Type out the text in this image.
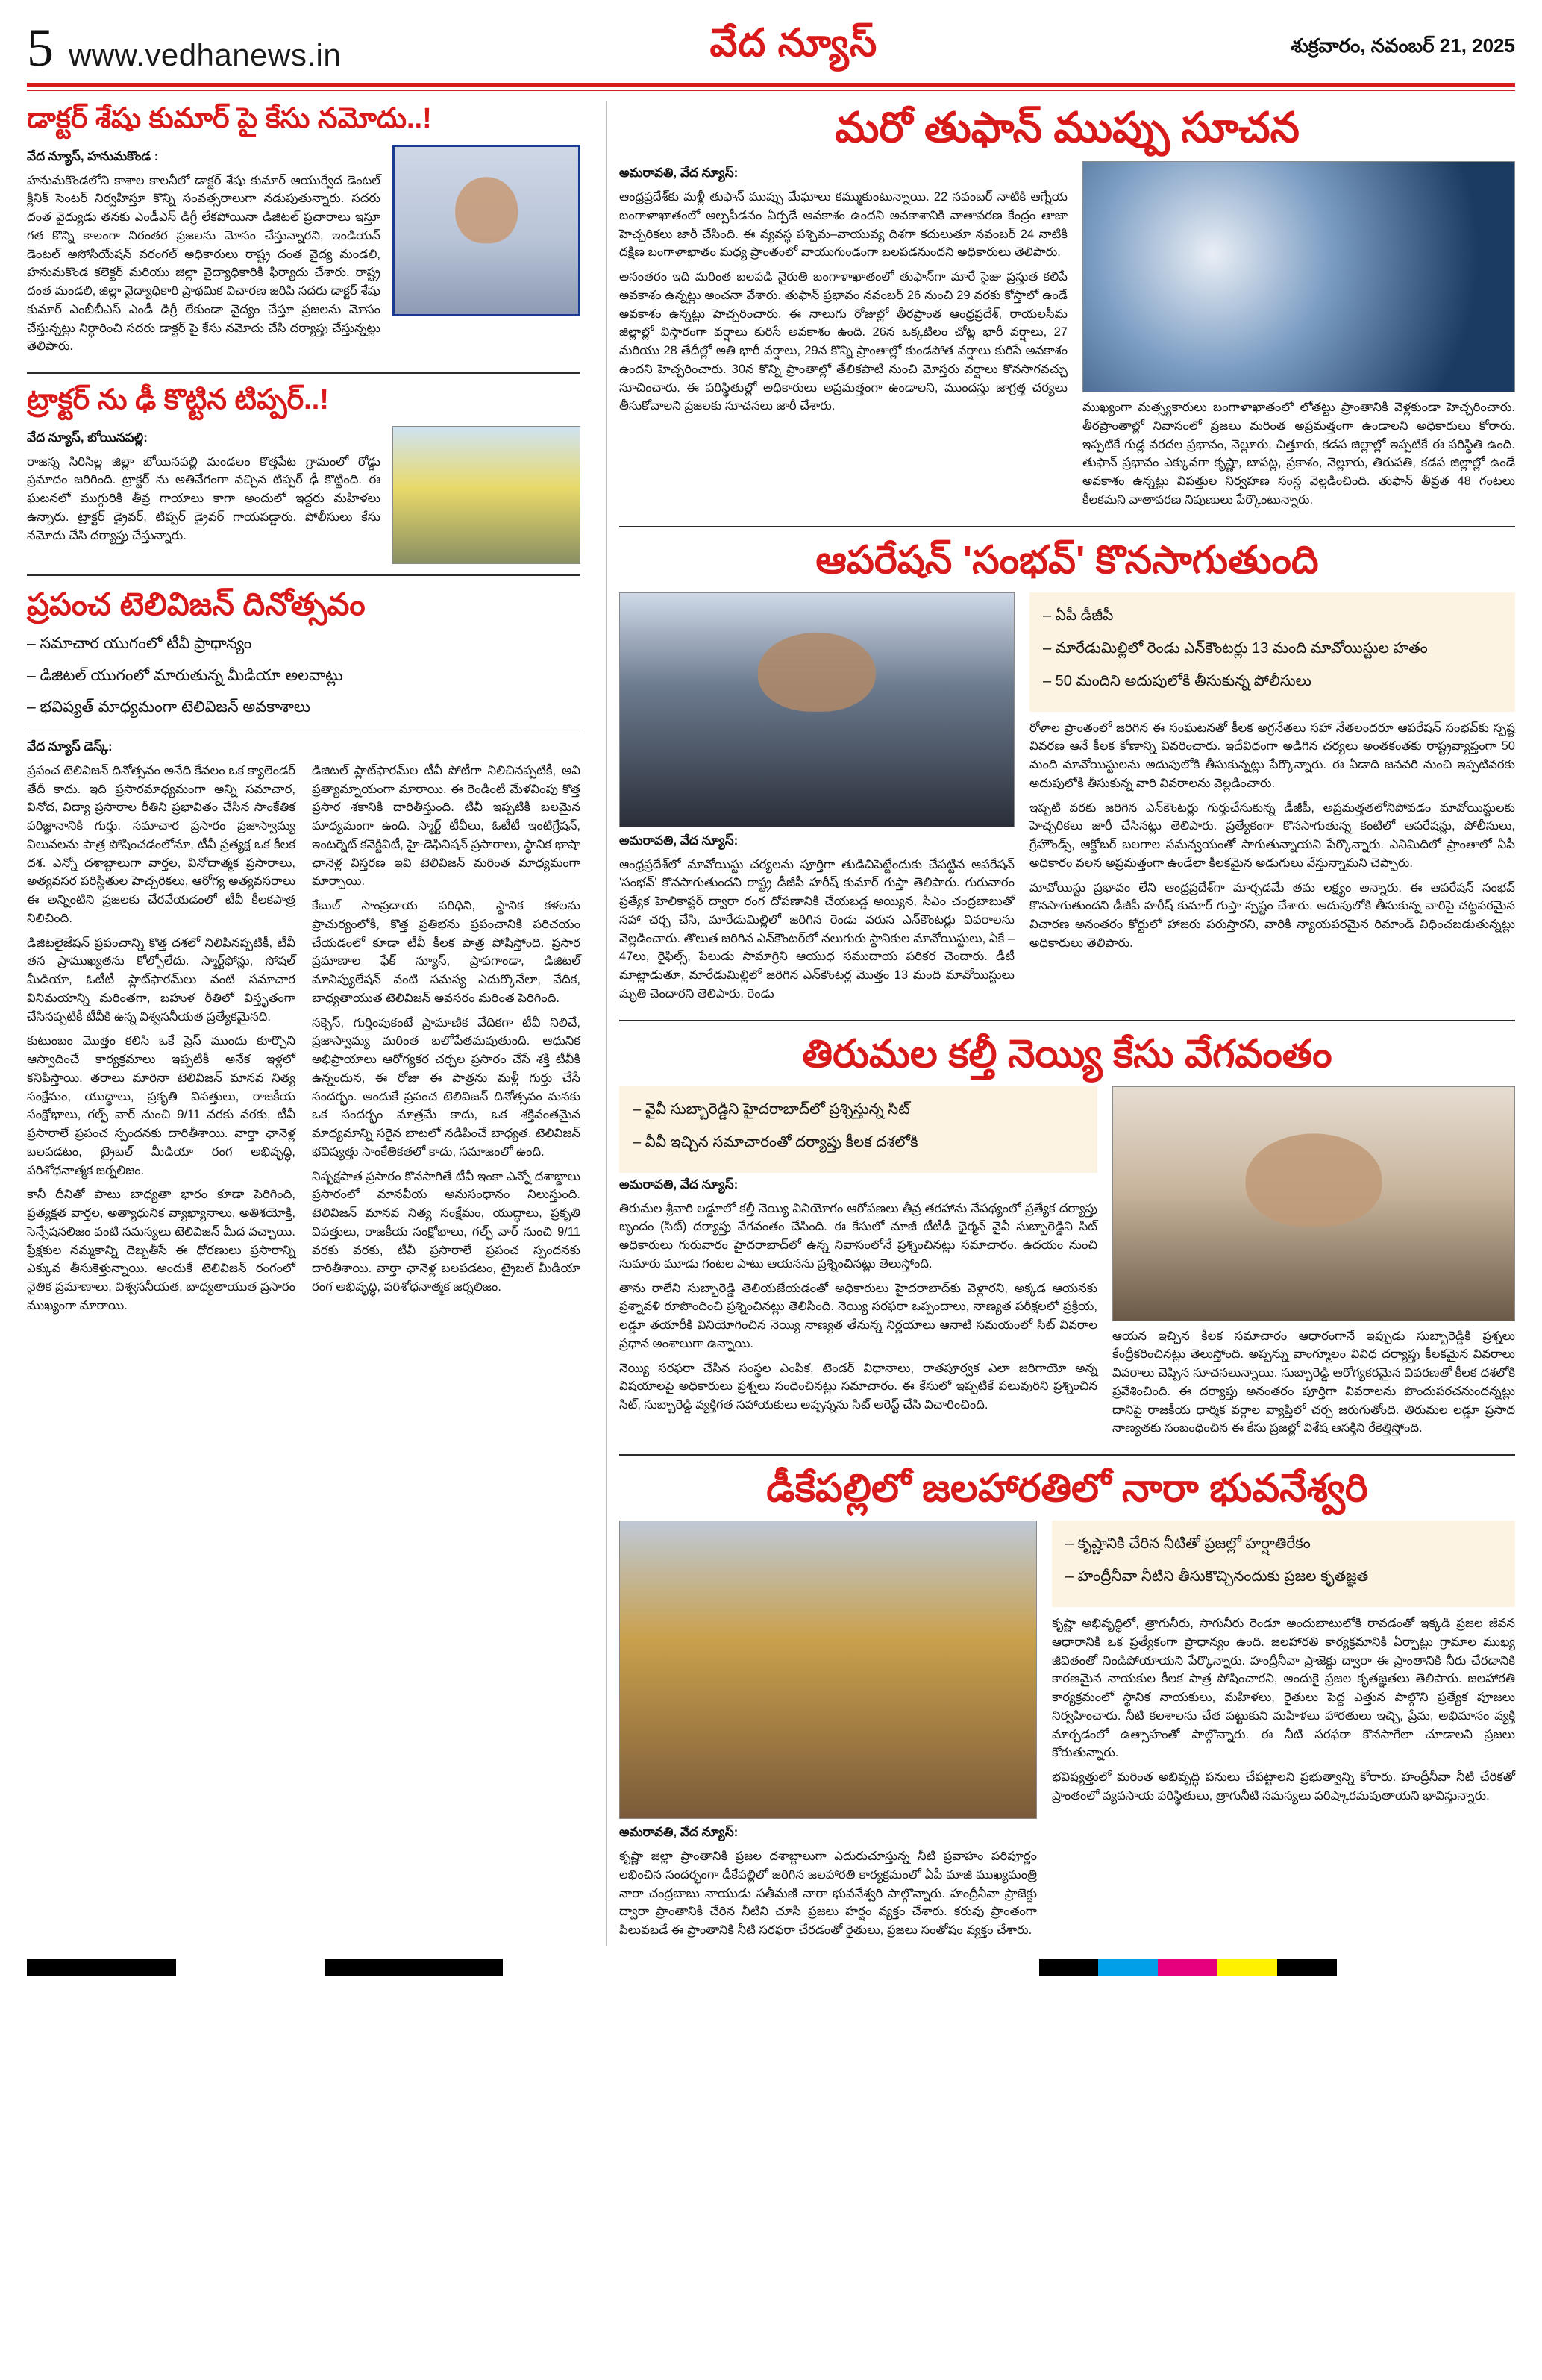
5 www.vedhanews.in	వేద న్యూస్	శుక్రవారం, నవంబర్ 21, 2025
డాక్టర్ శేషు కుమార్ పై కేసు నమోదు..!
వేద న్యూస్, హనుమకొండ :

హనుమకొండలోని కాశాల కాలనీలో డాక్టర్ శేషు కుమార్ ఆయుర్వేద డెంటల్ క్లినిక్ సెంటర్ నిర్వహిస్తూ కొన్ని సంవత్సరాలుగా నడుపుతున్నారు. సదరు దంత వైద్యుడు తనకు ఎండీఎస్ డిగ్రీ లేకపోయినా డిజిటల్ ప్రచారాలు ఇస్తూ గత కొన్ని కాలంగా నిరంతర ప్రజలను మోసం చేస్తున్నారని, ఇండియన్ డెంటల్ అసోసియేషన్ వరంగల్ అధికారులు రాష్ట్ర దంత వైద్య మండలి, హనుమకొండ కలెక్టర్ మరియు జిల్లా వైద్యాధికారికి ఫిర్యాదు చేశారు. రాష్ట్ర దంత మండలి, జిల్లా వైద్యాధికారి ప్రాథమిక విచారణ జరిపి సదరు డాక్టర్ శేషు కుమార్ ఎంబీబీఎస్ ఎండీ డిగ్రీ లేకుండా వైద్యం చేస్తూ ప్రజలను మోసం చేస్తున్నట్లు నిర్ధారించి సదరు డాక్టర్ పై కేసు నమోదు చేసి దర్యాప్తు చేస్తున్నట్లు తెలిపారు.

ట్రాక్టర్ ను ఢీ కొట్టిన టిప్పర్..!
వేద న్యూస్, బోయినపల్లి:

రాజన్న సిరిసిల్ల జిల్లా బోయినపల్లి మండలం కొత్తపేట గ్రామంలో రోడ్డు ప్రమాదం జరిగింది. ట్రాక్టర్ ను అతివేగంగా వచ్చిన టిప్పర్ ఢీ కొట్టింది. ఈ ఘటనలో ముగ్గురికి తీవ్ర గాయాలు కాగా అందులో ఇద్దరు మహిళలు ఉన్నారు. ట్రాక్టర్ డ్రైవర్, టిప్పర్ డ్రైవర్ గాయపడ్డారు. పోలీసులు కేసు నమోదు చేసి దర్యాప్తు చేస్తున్నారు.

ప్రపంచ టెలివిజన్ దినోత్సవం
– సమాచార యుగంలో టీవీ ప్రాధాన్యం
– డిజిటల్ యుగంలో మారుతున్న మీడియా అలవాట్లు
– భవిష్యత్ మాధ్యమంగా టెలివిజన్ అవకాశాలు
వేద న్యూస్ డెస్క్:

ప్రపంచ టెలివిజన్ దినోత్సవం అనేది కేవలం ఒక క్యాలెండర్ తేదీ కాదు. ఇది ప్రసారమాధ్యమంగా అన్ని సమాచార, వినోద, విద్యా ప్రసారాల రీతిని ప్రభావితం చేసిన సాంకేతిక పరిజ్ఞానానికి గుర్తు. సమాచార ప్రసారం ప్రజాస్వామ్య విలువలను పాత్ర పోషించడంలోనూ, టీవీ ప్రత్యక్ష ఒక కీలక దశ. ఎన్నో దశాబ్దాలుగా వార్తల, వినోదాత్మక ప్రసారాలు, అత్యవసర పరిస్థితుల హెచ్చరికలు, ఆరోగ్య అత్యవసరాలు ఈ అన్నింటిని ప్రజలకు చేరవేయడంలో టీవీ కీలకపాత్ర నిలిచింది.

డిజిటలైజేషన్ ప్రపంచాన్ని కొత్త దశలో నిలిపినప్పటికీ, టీవీ తన ప్రాముఖ్యతను కోల్పోలేదు. స్మార్ట్‌ఫోన్లు, సోషల్ మీడియా, ఓటీటీ ప్లాట్‌ఫారమ్‌లు వంటి సమాచార వినిమయాన్ని మరింతగా, బహుళ రీతిలో విస్తృతంగా చేసినప్పటికీ టీవీకి ఉన్న విశ్వసనీయత ప్రత్యేకమైనది.

కుటుంబం మొత్తం కలిసి ఒకే ప్రెస్ ముందు కూర్చొని ఆస్వాదించే కార్యక్రమాలు ఇప్పటికీ అనేక ఇళ్లలో కనిపిస్తాయి. తరాలు మారినా టెలివిజన్ మానవ నిత్య సంక్షేమం, యుద్ధాలు, ప్రకృతి విపత్తులు, రాజకీయ సంక్షోభాలు, గల్ఫ్ వార్ నుంచి 9/11 వరకు వరకు, టీవీ ప్రసారాలే ప్రపంచ స్పందనకు దారితీశాయి. వార్తా ఛానెళ్ల బలపడటం, ట్రైబల్ మీడియా రంగ అభివృద్ధి, పరిశోధనాత్మక జర్నలిజం.

కానీ దీనితో పాటు బాధ్యతా భారం కూడా పెరిగింది, ప్రత్యక్షత వార్తల, అత్యాధునిక వ్యాఖ్యానాలు, అతిశయోక్తి, సెన్సేషనలిజం వంటి సమస్యలు టెలివిజన్ మీద వచ్చాయి. ప్రేక్షకుల నమ్మకాన్ని దెబ్బతీసే ఈ ధోరణులు ప్రసారాన్ని ఎక్కువ తీసుకెళ్తున్నాయి. అందుకే టెలివిజన్ రంగంలో నైతిక ప్రమాణాలు, విశ్వసనీయత, బాధ్యతాయుత ప్రసారం ముఖ్యంగా మారాయి.

డిజిటల్ ప్లాట్‌ఫారమ్‌ల టీవీ పోటీగా నిలిచినప్పటికీ, అవి ప్రత్యామ్నాయంగా మారాయి. ఈ రెండింటి మేళవింపు కొత్త ప్రసార శకానికి దారితీస్తుంది. టీవీ ఇప్పటికీ బలమైన మాధ్యమంగా ఉంది. స్మార్ట్ టీవీలు, ఓటీటీ ఇంటిగ్రేషన్, ఇంటర్నెట్ కనెక్టివిటీ, హై-డెఫినిషన్ ప్రసారాలు, స్థానిక భాషా ఛానెళ్ల విస్తరణ ఇవి టెలివిజన్ మరింత మాధ్యమంగా మార్చాయి.

కేబుల్ సాంప్రదాయ పరిధిని, స్థానిక కళలను ప్రాచుర్యంలోకి, కొత్త ప్రతిభను ప్రపంచానికి పరిచయం చేయడంలో కూడా టీవీ కీలక పాత్ర పోషిస్తోంది. ప్రసార ప్రమాణాల ఫేక్ న్యూస్, ప్రాపగాండా, డిజిటల్ మానిప్యులేషన్ వంటి సమస్య ఎదుర్కొనేలా, వేదిక, బాధ్యతాయుత టెలివిజన్ అవసరం మరింత పెరిగింది.

సక్సెస్, గుర్తింపుకంటే ప్రామాణిక వేదికగా టీవీ నిలిచే, ప్రజాస్వామ్య మరింత బలోపేతమవుతుంది. ఆధునిక అభిప్రాయాలు ఆరోగ్యకర చర్చల ప్రసారం చేసే శక్తి టీవీకి ఉన్నందున, ఈ రోజు ఈ పాత్రను మళ్లీ గుర్తు చేసే సందర్భం. అందుకే ప్రపంచ టెలివిజన్ దినోత్సవం మనకు ఒక సందర్భం మాత్రమే కాదు, ఒక శక్తివంతమైన మాధ్యమాన్ని సరైన బాటలో నడిపించే బాధ్యత. టెలివిజన్ భవిష్యత్తు సాంకేతికతలో కాదు, సమాజంలో ఉంది.

నిష్పక్షపాత ప్రసారం కొనసాగితే టీవీ ఇంకా ఎన్నో దశాబ్దాలు ప్రసారంలో మానవీయ అనుసంధానం నిలుస్తుంది. టెలివిజన్ మానవ నిత్య సంక్షేమం, యుద్ధాలు, ప్రకృతి విపత్తులు, రాజకీయ సంక్షోభాలు, గల్ఫ్ వార్ నుంచి 9/11 వరకు వరకు, టీవీ ప్రసారాలే ప్రపంచ స్పందనకు దారితీశాయి. వార్తా ఛానెళ్ల బలపడటం, ట్రైబల్ మీడియా రంగ అభివృద్ధి, పరిశోధనాత్మక జర్నలిజం.

మరో తుఫాన్ ముప్పు సూచన
అమరావతి, వేద న్యూస్:

ఆంధ్రప్రదేశ్‌కు మళ్లీ తుఫాన్ ముప్పు మేఘాలు కమ్ముకుంటున్నాయి. 22 నవంబర్ నాటికి ఆగ్నేయ బంగాళాఖాతంలో అల్పపీడనం ఏర్పడే అవకాశం ఉందని అవకాశానికి వాతావరణ కేంద్రం తాజా హెచ్చరికలు జారీ చేసింది. ఈ వ్యవస్థ పశ్చిమ–వాయువ్య దిశగా కదులుతూ నవంబర్ 24 నాటికి దక్షిణ బంగాళాఖాతం మధ్య ప్రాంతంలో వాయుగుండంగా బలపడనుందని అధికారులు తెలిపారు.

అనంతరం ఇది మరింత బలపడి నైరుతి బంగాళాఖాతంలో తుఫాన్‌గా మారే సైజు ప్రస్తుత కలిపే అవకాశం ఉన్నట్లు అంచనా వేశారు. తుఫాన్ ప్రభావం నవంబర్ 26 నుంచి 29 వరకు కోస్తాలో ఉండే అవకాశం ఉన్నట్లు హెచ్చరించారు. ఈ నాలుగు రోజుల్లో తీరప్రాంత ఆంధ్రప్రదేశ్, రాయలసీమ జిల్లాల్లో విస్తారంగా వర్షాలు కురిసే అవకాశం ఉంది. 26న ఒక్కటిలం చోట్ల భారీ వర్షాలు, 27 మరియు 28 తేదీల్లో అతి భారీ వర్షాలు, 29న కొన్ని ప్రాంతాల్లో కుండపోత వర్షాలు కురిసే అవకాశం ఉందని హెచ్చరించారు. 30న కొన్ని ప్రాంతాల్లో తేలికపాటి నుంచి మోస్తరు వర్షాలు కొనసాగవచ్చు సూచించారు. ఈ పరిస్థితుల్లో అధికారులు అప్రమత్తంగా ఉండాలని, ముందస్తు జాగ్రత్త చర్యలు తీసుకోవాలని ప్రజలకు సూచనలు జారీ చేశారు.	ముఖ్యంగా మత్స్యకారులు బంగాళాఖాతంలో లోతట్టు ప్రాంతానికి వెళ్లకుండా హెచ్చరించారు. తీరప్రాంతాల్లో నివాసంలో ప్రజలు మరింత అప్రమత్తంగా ఉండాలని అధికారులు కోరారు. ఇప్పటికే గుడ్ల వరదల ప్రభావం, నెల్లూరు, చిత్తూరు, కడప జిల్లాల్లో ఇప్పటికే ఈ పరిస్థితి ఉంది. తుఫాన్ ప్రభావం ఎక్కువగా కృష్ణా, బాపట్ల, ప్రకాశం, నెల్లూరు, తిరుపతి, కడప జిల్లాల్లో ఉండే అవకాశం ఉన్నట్లు విపత్తుల నిర్వహణ సంస్థ వెల్లడించింది. తుఫాన్ తీవ్రత 48 గంటలు కీలకమని వాతావరణ నిపుణులు పేర్కొంటున్నారు.

ఆపరేషన్ 'సంభవ్' కొనసాగుతుంది
అమరావతి, వేద న్యూస్:

ఆంధ్రప్రదేశ్‌లో మావోయిస్టు చర్యలను పూర్తిగా తుడిచిపెట్టేందుకు చేపట్టిన ఆపరేషన్ 'సంభవ్' కొనసాగుతుందని రాష్ట్ర డీజీపీ హరీష్ కుమార్ గుప్తా తెలిపారు. గురువారం ప్రత్యేక హెలికాప్టర్ ద్వారా రంగ దోపణానికి చేయబడ్డ అయ్యిన, సీఎం చంద్రబాబుతో సహా చర్చ చేసి, మారేడుమిల్లిలో జరిగిన రెండు వరుస ఎన్‌కౌంటర్లు వివరాలను వెల్లడించారు. తొలుత జరిగిన ఎన్‌కౌంటర్‌లో నలుగురు స్థానికుల మావోయిస్టులు, ఏకే – 47లు, రైఫిల్స్, పేలుడు సామాగ్రిని ఆయుధ సముదాయ పరికర చెందారు. డీటీ మాట్లాడుతూ, మారేడుమిల్లిలో జరిగిన ఎన్‌కౌంటర్ల మొత్తం 13 మంది మావోయిస్టులు మృతి చెందారని తెలిపారు. రెండు

– ఏపీ డీజీపీ
– మారేడుమిల్లిలో రెండు ఎన్‌కౌంటర్లు 13 మంది మావోయిస్టుల హతం
– 50 మందిని అదుపులోకి తీసుకున్న పోలీసులు

రోళాల ప్రాంతంలో జరిగిన ఈ సంఘటనతో కీలక అగ్రనేతలు సహా నేతలందరూ ఆపరేషన్ సంభవ్‌కు స్పష్ట వివరణ ఆనే కీలక కోణాన్ని వివరించారు. ఇదేవిధంగా అడిగిన చర్యలు అంతకంతకు రాష్ట్రవ్యాప్తంగా 50 మంది మావోయిస్టులను అదుపులోకి తీసుకున్నట్లు పేర్కొన్నారు. ఈ ఏడాది జనవరి నుంచి ఇప్పటివరకు అదుపులోకి తీసుకున్న వారి వివరాలను వెల్లడించారు.

ఇప్పటి వరకు జరిగిన ఎన్‌కౌంటర్లు గుర్తుచేసుకున్న డీజీపీ, అప్రమత్తతలోనిపోవడం మావోయిస్టులకు హెచ్చరికలు జారీ చేసినట్లు తెలిపారు. ప్రత్యేకంగా కొనసాగుతున్న కంటిలో ఆపరేషన్లు, పోలీసులు, గ్రేహౌండ్స్, ఆక్టోబర్ బలగాల సమన్వయంతో సాగుతున్నాయని పేర్కొన్నారు. ఎనిమిదిలో ప్రాంతాలో ఏపీ అధికారం వలన అప్రమత్తంగా ఉండేలా కీలకమైన అడుగులు వేస్తున్నామని చెప్పారు.

మావోయిస్టు ప్రభావం లేని ఆంధ్రప్రదేశ్‌గా మార్చడమే తమ లక్ష్యం అన్నారు. ఈ ఆపరేషన్ సంభవ్ కొనసాగుతుందని డీజీపీ హరీష్ కుమార్ గుప్తా స్పష్టం చేశారు. అదుపులోకి తీసుకున్న వారిపై చట్టపరమైన విచారణ అనంతరం కోర్టులో హాజరు పరుస్తారని, వారికి న్యాయపరమైన రిమాండ్ విధించబడుతున్నట్లు అధికారులు తెలిపారు.

తిరుమల కల్తీ నెయ్యి కేసు వేగవంతం
– వైవీ సుబ్బారెడ్డిని హైదరాబాద్‌లో ప్రశ్నిస్తున్న సిట్
– వీవీ ఇచ్చిన సమాచారంతో దర్యాప్తు కీలక దశలోకి
అమరావతి, వేద న్యూస్:

తిరుమల శ్రీవారి లడ్డూలో కల్తీ నెయ్యి వినియోగం ఆరోపణలు తీవ్ర తరహాను నేపథ్యంలో ప్రత్యేక దర్యాప్తు బృందం (సిట్) దర్యాప్తు వేగవంతం చేసింది. ఈ కేసులో మాజీ టీటీడీ ఛైర్మన్ వైవీ సుబ్బారెడ్డిని సిట్ అధికారులు గురువారం హైదరాబాద్‌లో ఉన్న నివాసంలోనే ప్రశ్నించినట్లు సమాచారం. ఉదయం నుంచి సుమారు మూడు గంటల పాటు ఆయనను ప్రశ్నించినట్లు తెలుస్తోంది.

తాను రాలేని సుబ్బారెడ్డి తెలియజేయడంతో అధికారులు హైదరాబాద్‌కు వెళ్లారని, అక్కడ ఆయనకు ప్రశ్నావళి రూపొందించి ప్రశ్నించినట్లు తెలిసింది. నెయ్యి సరఫరా ఒప్పందాలు, నాణ్యత పరీక్షలలో ప్రక్రియ, లడ్డూ తయారీకి వినియోగించిన నెయ్యి నాణ్యత తేనున్న నిర్ణయాలు ఆనాటి సమయంలో సిట్ వివరాల ప్రధాన అంశాలుగా ఉన్నాయి.

నెయ్యి సరఫరా చేసిన సంస్థల ఎంపిక, టెండర్ విధానాలు, రాతపూర్వక ఎలా జరిగాయో అన్న విషయాలపై అధికారులు ప్రశ్నలు సంధించినట్లు సమాచారం. ఈ కేసులో ఇప్పటికే పలువురిని ప్రశ్నించిన సిట్, సుబ్బారెడ్డి వ్యక్తిగత సహాయకులు అప్పన్నను సిట్ అరెస్ట్ చేసి విచారించింది.

ఆయన ఇచ్చిన కీలక సమాచారం ఆధారంగానే ఇప్పుడు సుబ్బారెడ్డికి ప్రశ్నలు కేంద్రీకరించినట్లు తెలుస్తోంది. అప్పన్ను వాంగ్మూలం వివిధ దర్యాప్తు కీలకమైన వివరాలు వివరాలు చెప్పిన సూచనలున్నాయి. సుబ్బారెడ్డి ఆరోగ్యకరమైన వివరణతో కీలక దశలోకి ప్రవేశించింది. ఈ దర్యాప్తు అనంతరం పూర్తిగా వివరాలను పొందుపరచనుందన్నట్లు దానిపై రాజకీయ ధార్మిక వర్గాల వ్యాప్తిలో చర్చ జరుగుతోంది. తిరుమల లడ్డూ ప్రసాద నాణ్యతకు సంబంధించిన ఈ కేసు ప్రజల్లో విశేష ఆసక్తిని రేకెత్తిస్తోంది.

డీకేపల్లిలో జలహారతిలో నారా భువనేశ్వరి
అమరావతి, వేద న్యూస్:

కృష్ణా జిల్లా ప్రాంతానికి ప్రజల దశాబ్దాలుగా ఎదురుచూస్తున్న నీటి ప్రవాహం పరిపూర్ణం లభించిన సందర్భంగా డీకేపల్లిలో జరిగిన జలహారతి కార్యక్రమంలో ఏపీ మాజీ ముఖ్యమంత్రి నారా చంద్రబాబు నాయుడు సతీమణి నారా భువనేశ్వరి పాల్గొన్నారు. హంద్రీనీవా ప్రాజెక్టు ద్వారా ప్రాంతానికి చేరిన నీటిని చూసి ప్రజలు హర్షం వ్యక్తం చేశారు. కరువు ప్రాంతంగా పిలువబడే ఈ ప్రాంతానికి నీటి సరఫరా చేరడంతో రైతులు, ప్రజలు సంతోషం వ్యక్తం చేశారు.

– కృష్ణానికి చేరిన నీటితో ప్రజల్లో హర్షాతిరేకం
– హంద్రీనీవా నీటిని తీసుకొచ్చినందుకు ప్రజల కృతజ్ఞత

కృష్ణా అభివృద్ధిలో, త్రాగునీరు, సాగునీరు రెండూ అందుబాటులోకి రావడంతో ఇక్కడి ప్రజల జీవన ఆధారానికి ఒక ప్రత్యేకంగా ప్రాధాన్యం ఉంది. జలహారతి కార్యక్రమానికి ఏర్పాట్లు గ్రామాల ముఖ్య జీవితంతో నిండిపోయాయని పేర్కొన్నారు. హంద్రీనీవా ప్రాజెక్టు ద్వారా ఈ ప్రాంతానికి నీరు చేరడానికి కారణమైన నాయకుల కీలక పాత్ర పోషించారని, అందుకై ప్రజల కృతజ్ఞతలు తెలిపారు. జలహారతి కార్యక్రమంలో స్థానిక నాయకులు, మహిళలు, రైతులు పెద్ద ఎత్తున పాల్గొని ప్రత్యేక పూజలు నిర్వహించారు. నీటి కలశాలను చేత పట్టుకుని మహిళలు హారతులు ఇచ్చి, ప్రేమ, అభిమానం వ్యక్తి మార్చడంలో ఉత్సాహంతో పాల్గొన్నారు. ఈ నీటి సరఫరా కొనసాగేలా చూడాలని ప్రజలు కోరుతున్నారు.

భవిష్యత్తులో మరింత అభివృద్ధి పనులు చేపట్టాలని ప్రభుత్వాన్ని కోరారు. హంద్రీనీవా నీటి చేరికతో ప్రాంతంలో వ్యవసాయ పరిస్థితులు, త్రాగునీటి సమస్యలు పరిష్కారమవుతాయని భావిస్తున్నారు.
